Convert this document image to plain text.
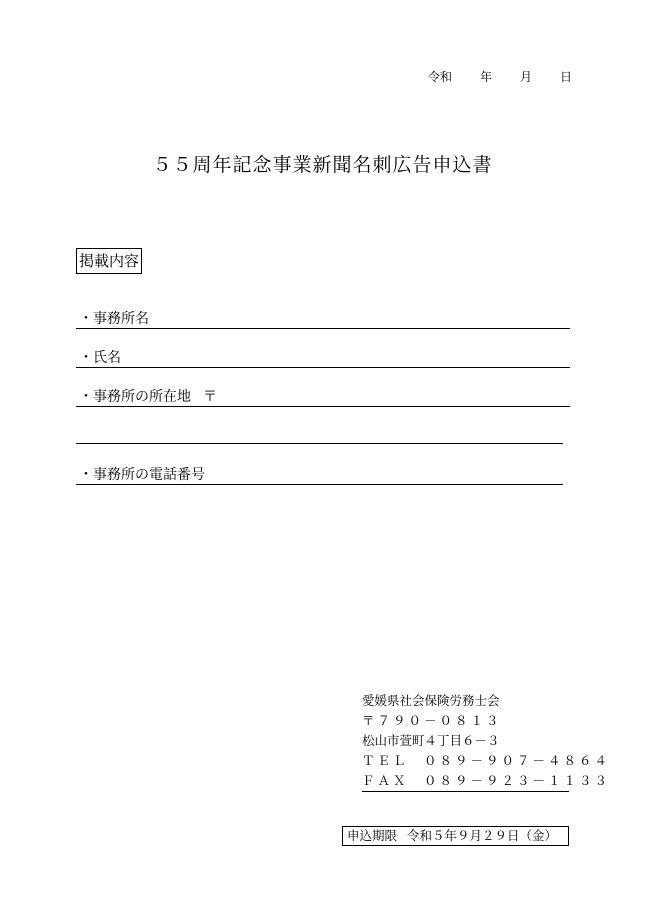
令和 年 月 日
５５周年記念事業新聞名刺広告申込書
掲載内容
・事務所名
・氏名
・事務所の所在地 〒
・事務所の電話番号
愛媛県社会保険労務士会
〒７９０－０８１３
松山市萱町４丁目６－３
ＴＥＬ　０８９－９０７－４８６４
ＦＡＸ　０８９－９２３－１１３３
申込期限 令和５年９月２９日（金）
